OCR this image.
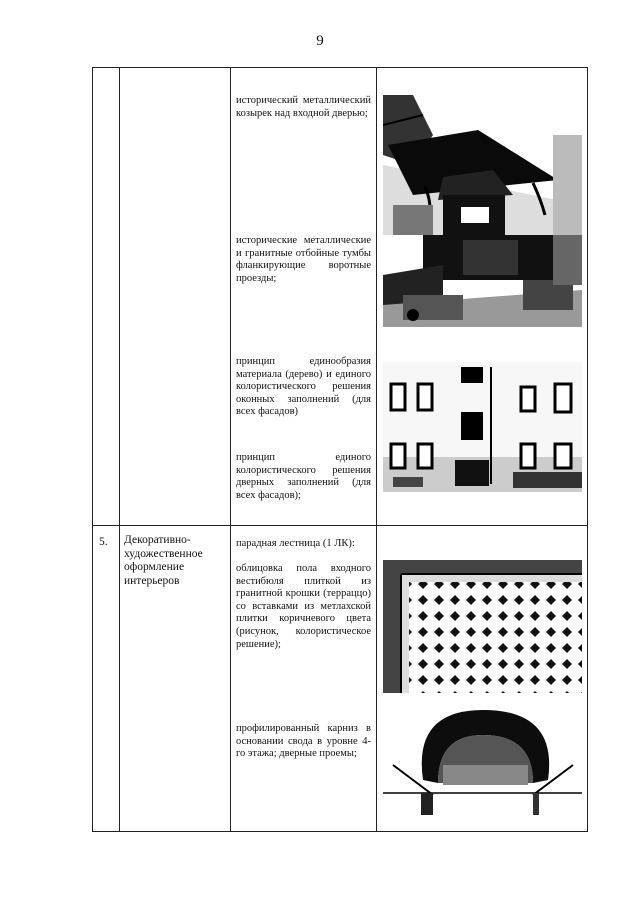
9
исторический металлический козырек над входной дверью;
исторические металлические и гранитные отбойные тумбы фланкирующие воротные проезды;
принцип единообразия материала (дерево) и единого колористического решения оконных заполнений (для всех фасадов)
принцип единого колористического решения дверных заполнений (для всех фасадов);
5. Декоративно-художественное оформление интерьеров
парадная лестница (1 ЛК):
облицовка пола входного вестибюля плиткой из гранитной крошки (терраццо) со вставками из метлахской плитки коричневого цвета (рисунок, колористическое решение);
профилированный карниз в основании свода в уровне 4-го этажа; дверные проемы;
